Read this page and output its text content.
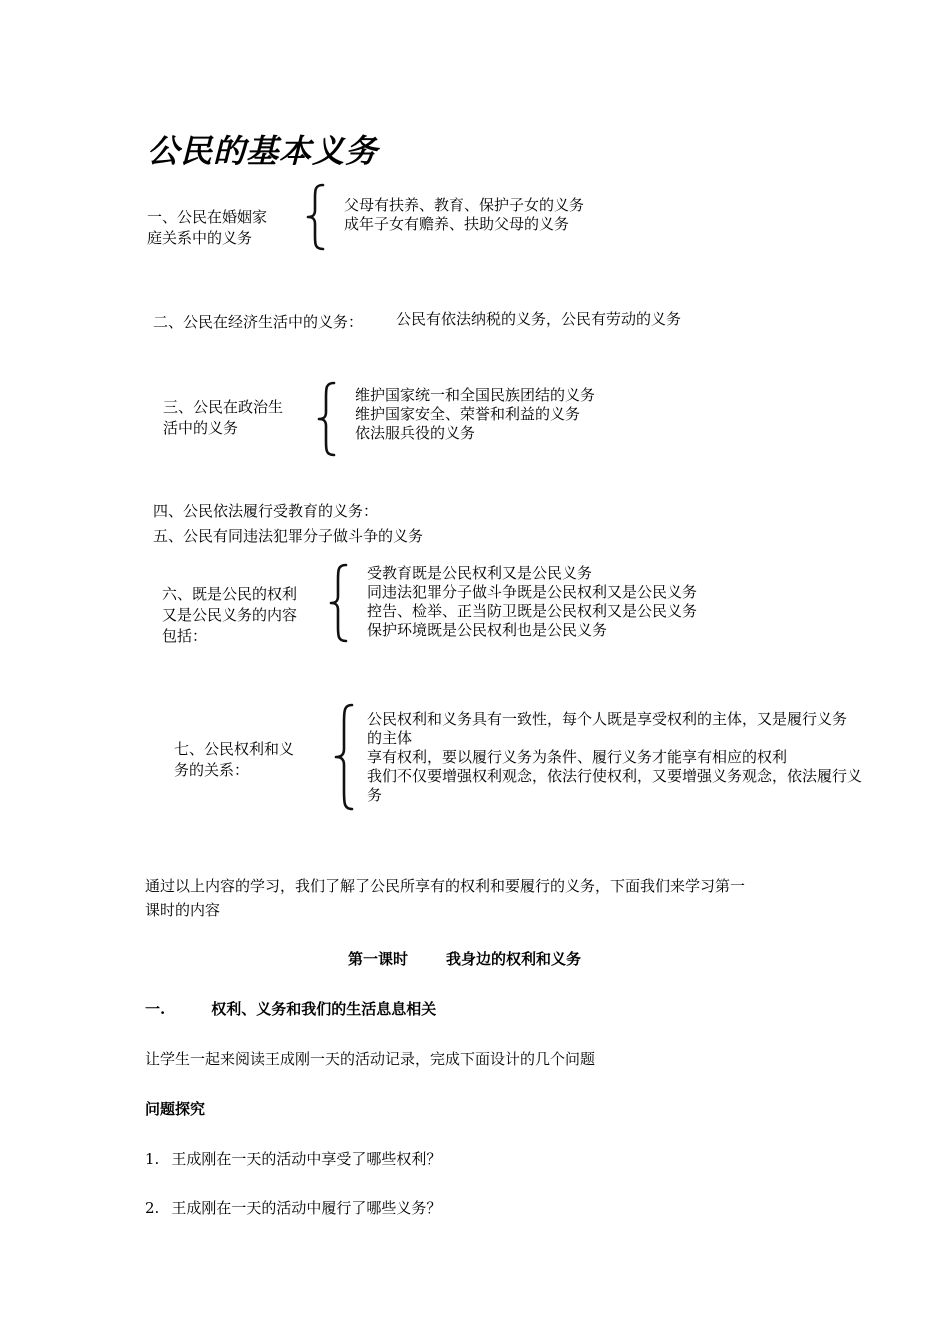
公民的基本义务
一、公民在婚姻家
庭关系中的义务
父母有扶养、教育、保护子女的义务
成年子女有赡养、扶助父母的义务
二、公民在经济生活中的义务： 公民有依法纳税的义务，公民有劳动的义务
三、公民在政治生
活中的义务
维护国家统一和全国民族团结的义务
维护国家安全、荣誉和利益的义务
依法服兵役的义务
四、公民依法履行受教育的义务：
五、公民有同违法犯罪分子做斗争的义务
六、既是公民的权利
又是公民义务的内容
包括：
受教育既是公民权利又是公民义务
同违法犯罪分子做斗争既是公民权利又是公民义务
控告、检举、正当防卫既是公民权利又是公民义务
保护环境既是公民权利也是公民义务
七、公民权利和义
务的关系：
公民权利和义务具有一致性，每个人既是享受权利的主体，又是履行义务
的主体
享有权利，要以履行义务为条件、履行义务才能享有相应的权利
我们不仅要增强权利观念，依法行使权利，又要增强义务观念，依法履行义
务
通过以上内容的学习，我们了解了公民所享有的权利和要履行的义务，下面我们来学习第一
课时的内容
第一课时	我身边的权利和义务
一.	权利、义务和我们的生活息息相关
让学生一起来阅读王成刚一天的活动记录，完成下面设计的几个问题
问题探究
1. 王成刚在一天的活动中享受了哪些权利？
2. 王成刚在一天的活动中履行了哪些义务？
